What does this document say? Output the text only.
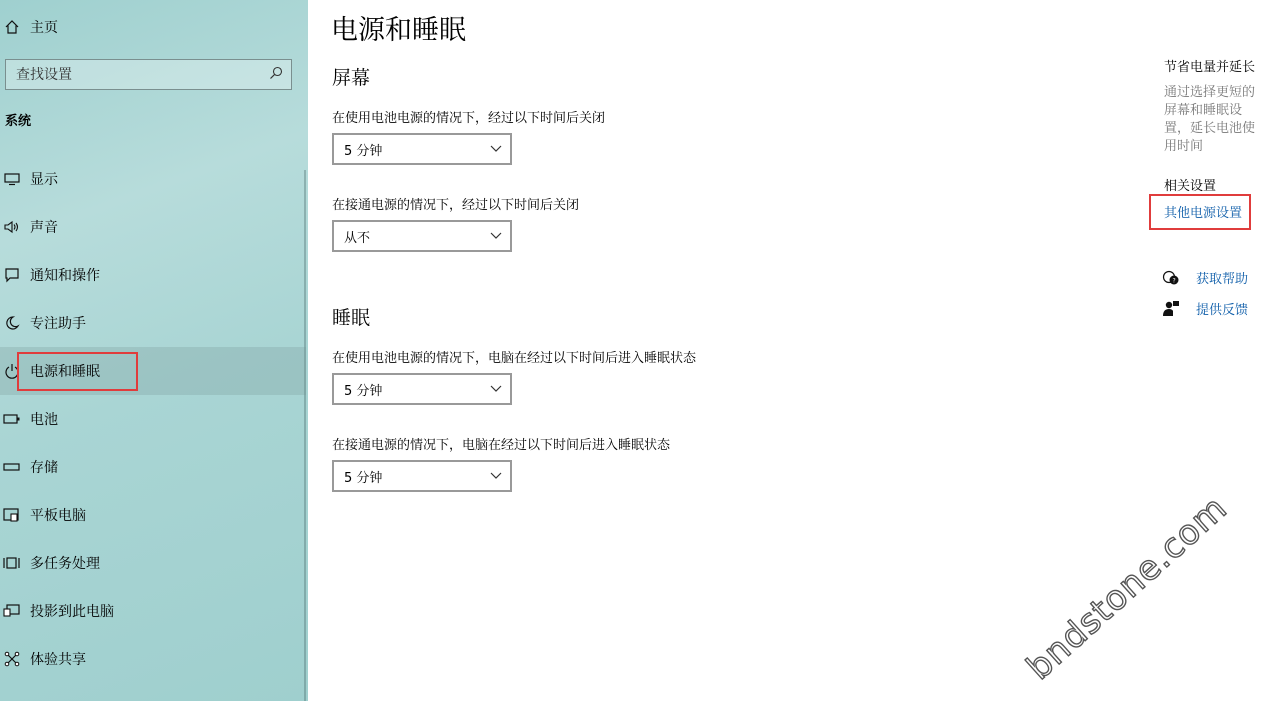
主页
查找设置
系统
显示
声音
通知和操作
专注助手
电源和睡眠
电池
存储
平板电脑
多任务处理
投影到此电脑
体验共享
电源和睡眠
屏幕
在使用电池电源的情况下，经过以下时间后关闭
5 分钟
在接通电源的情况下，经过以下时间后关闭
从不
睡眠
在使用电池电源的情况下，电脑在经过以下时间后进入睡眠状态
5 分钟
在接通电源的情况下，电脑在经过以下时间后进入睡眠状态
5 分钟
节省电量并延长
通过选择更短的屏幕和睡眠设置，延长电池使用时间
相关设置
其他电源设置
? 获取帮助
提供反馈
bndstone.com
